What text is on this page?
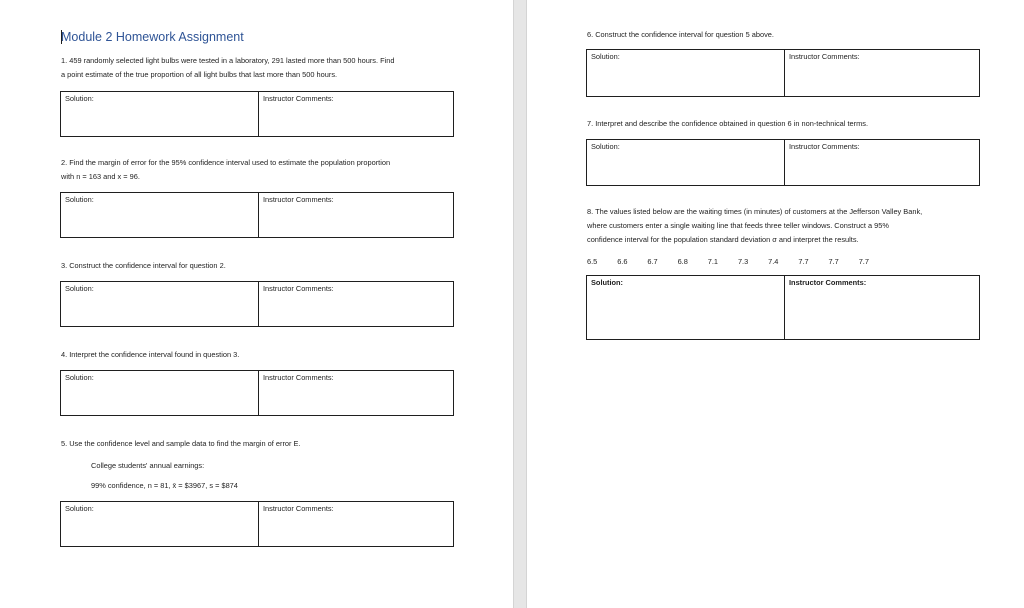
Module 2 Homework Assignment
1. 459 randomly selected light bulbs were tested in a laboratory, 291 lasted more than 500 hours. Find
a point estimate of the true proportion of all light bulbs that last more than 500 hours.
Solution:	Instructor Comments:
2. Find the margin of error for the 95% confidence interval used to estimate the population proportion
with n = 163 and x = 96.
Solution:	Instructor Comments:
3. Construct the confidence interval for question 2.
Solution:	Instructor Comments:
4. Interpret the confidence interval found in question 3.
Solution:	Instructor Comments:
5. Use the confidence level and sample data to find the margin of error E.
College students' annual earnings:
99% confidence, n = 81, x̄ = $3967, s = $874
Solution:	Instructor Comments:
6. Construct the confidence interval for question 5 above.
Solution:	Instructor Comments:
7. Interpret and describe the confidence obtained in question 6 in non-technical terms.
Solution:	Instructor Comments:
8. The values listed below are the waiting times (in minutes) of customers at the Jefferson Valley Bank,
where customers enter a single waiting line that feeds three teller windows. Construct a 95%
confidence interval for the population standard deviation σ and interpret the results.
6.5	6.6	6.7	6.8	7.1	7.3	7.4	7.7	7.7	7.7
Solution:	Instructor Comments:
